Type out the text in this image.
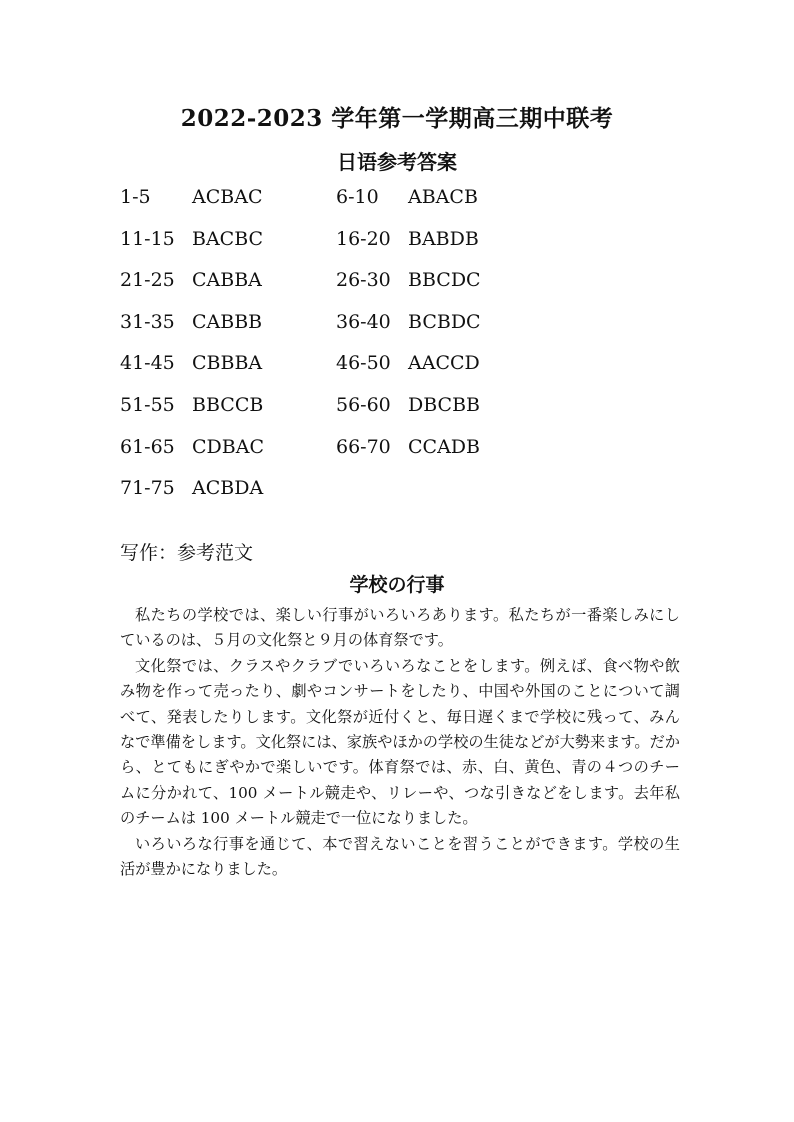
2022-2023 学年第一学期高三期中联考
日语参考答案
1-5 ACBAC	6-10 ABACB
11-15 BACBC	16-20 BABDB
21-25 CABBA	26-30 BBCDC
31-35 CABBB	36-40 BCBDC
41-45 CBBBA	46-50 AACCD
51-55 BBCCB	56-60 DBCBB
61-65 CDBAC	66-70 CCADB
71-75 ACBDA
写作：参考范文
学校の行事

私たちの学校では、楽しい行事がいろいろあります。私たちが一番楽しみにしているのは、５月の文化祭と９月の体育祭です。

文化祭では、クラスやクラブでいろいろなことをします。例えば、食べ物や飲み物を作って売ったり、劇やコンサートをしたり、中国や外国のことについて調べて、発表したりします。文化祭が近付くと、毎日遅くまで学校に残って、みんなで準備をします。文化祭には、家族やほかの学校の生徒などが大勢来ます。だから、とてもにぎやかで楽しいです。体育祭では、赤、白、黄色、青の４つのチームに分かれて、100 メートル競走や、リレーや、つな引きなどをします。去年私のチームは 100 メートル競走で一位になりました。

いろいろな行事を通じて、本で習えないことを習うことができます。学校の生活が豊かになりました。
